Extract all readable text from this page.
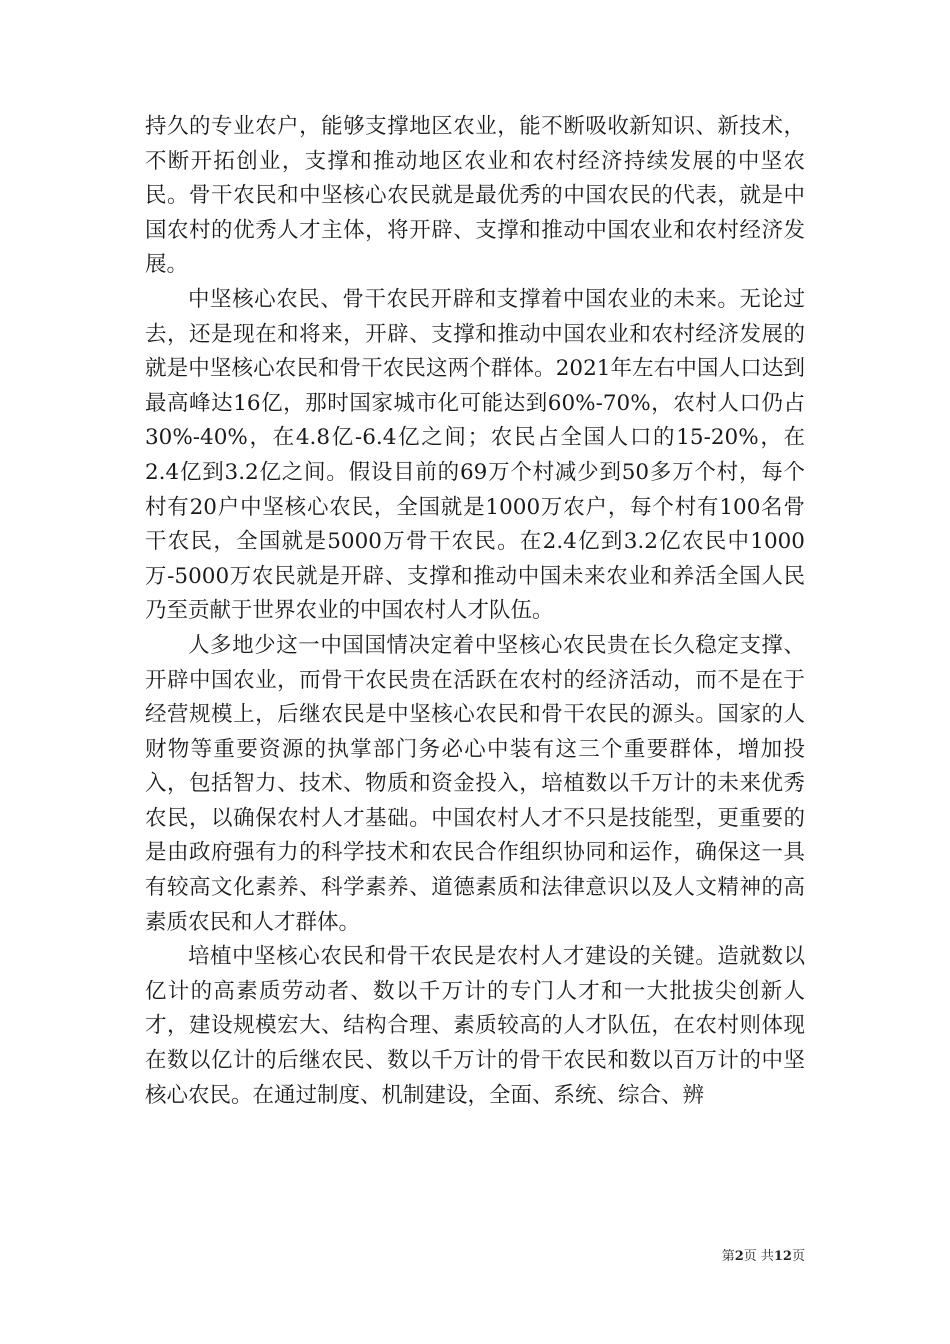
持久的专业农户，能够支撑地区农业，能不断吸收新知识、新技术，不断开拓创业，支撑和推动地区农业和农村经济持续发展的中坚农民。骨干农民和中坚核心农民就是最优秀的中国农民的代表，就是中国农村的优秀人才主体，将开辟、支撑和推动中国农业和农村经济发展。

中坚核心农民、骨干农民开辟和支撑着中国农业的未来。无论过去，还是现在和将来，开辟、支撑和推动中国农业和农村经济发展的就是中坚核心农民和骨干农民这两个群体。2021年左右中国人口达到最高峰达16亿，那时国家城市化可能达到60%-70%，农村人口仍占30%-40%，在4.8亿-6.4亿之间；农民占全国人口的15-20%，在2.4亿到3.2亿之间。假设目前的69万个村减少到50多万个村，每个村有20户中坚核心农民，全国就是1000万农户，每个村有100名骨干农民，全国就是5000万骨干农民。在2.4亿到3.2亿农民中1000万-5000万农民就是开辟、支撑和推动中国未来农业和养活全国人民乃至贡献于世界农业的中国农村人才队伍。

人多地少这一中国国情决定着中坚核心农民贵在长久稳定支撑、开辟中国农业，而骨干农民贵在活跃在农村的经济活动，而不是在于经营规模上，后继农民是中坚核心农民和骨干农民的源头。国家的人财物等重要资源的执掌部门务必心中装有这三个重要群体，增加投入，包括智力、技术、物质和资金投入，培植数以千万计的未来优秀农民，以确保农村人才基础。中国农村人才不只是技能型，更重要的是由政府强有力的科学技术和农民合作组织协同和运作，确保这一具有较高文化素养、科学素养、道德素质和法律意识以及人文精神的高素质农民和人才群体。

培植中坚核心农民和骨干农民是农村人才建设的关键。造就数以亿计的高素质劳动者、数以千万计的专门人才和一大批拔尖创新人才，建设规模宏大、结构合理、素质较高的人才队伍，在农村则体现在数以亿计的后继农民、数以千万计的骨干农民和数以百万计的中坚核心农民。在通过制度、机制建设，全面、系统、综合、辨

第2页 共12页
